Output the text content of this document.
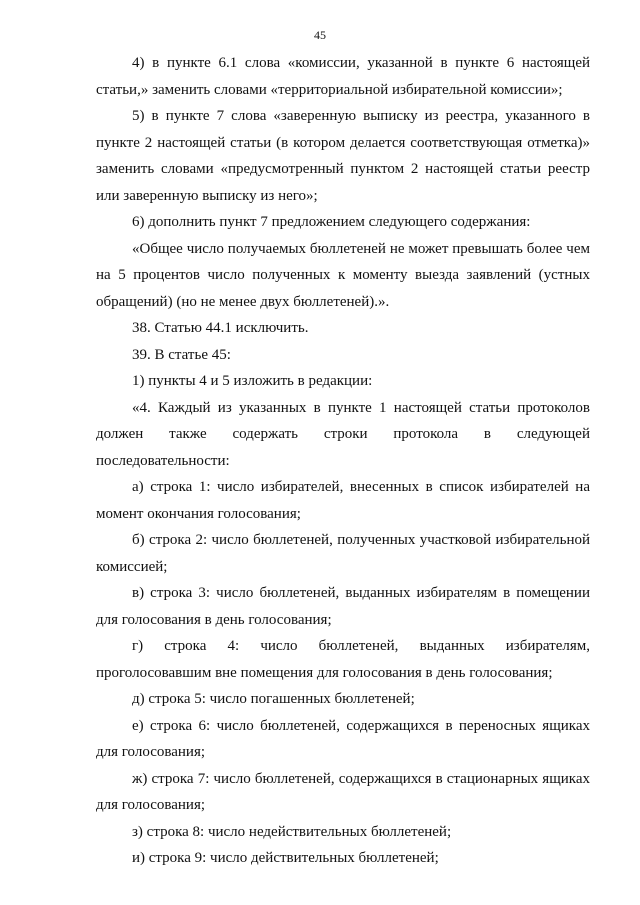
45

4) в пункте 6.1 слова «комиссии, указанной в пункте 6 настоящей статьи,» заменить словами «территориальной избирательной комиссии»;

5) в пункте 7 слова «заверенную выписку из реестра, указанного в пункте 2 настоящей статьи (в котором делается соответствующая отметка)» заменить словами «предусмотренный пунктом 2 настоящей статьи реестр или заверенную выписку из него»;

6) дополнить пункт 7 предложением следующего содержания:

«Общее число получаемых бюллетеней не может превышать более чем на 5 процентов число полученных к моменту выезда заявлений (устных обращений) (но не менее двух бюллетеней).».

38. Статью 44.1 исключить.

39. В статье 45:

1) пункты 4 и 5 изложить в редакции:

«4. Каждый из указанных в пункте 1 настоящей статьи протоколов должен также содержать строки протокола в следующей последовательности:

а) строка 1: число избирателей, внесенных в список избирателей на момент окончания голосования;

б) строка 2: число бюллетеней, полученных участковой избирательной комиссией;

в) строка 3: число бюллетеней, выданных избирателям в помещении для голосования в день голосования;

г) строка 4: число бюллетеней, выданных избирателям, проголосовавшим вне помещения для голосования в день голосования;

д) строка 5: число погашенных бюллетеней;

е) строка 6: число бюллетеней, содержащихся в переносных ящиках для голосования;

ж) строка 7: число бюллетеней, содержащихся в стационарных ящиках для голосования;

з) строка 8: число недействительных бюллетеней;

и) строка 9: число действительных бюллетеней;
